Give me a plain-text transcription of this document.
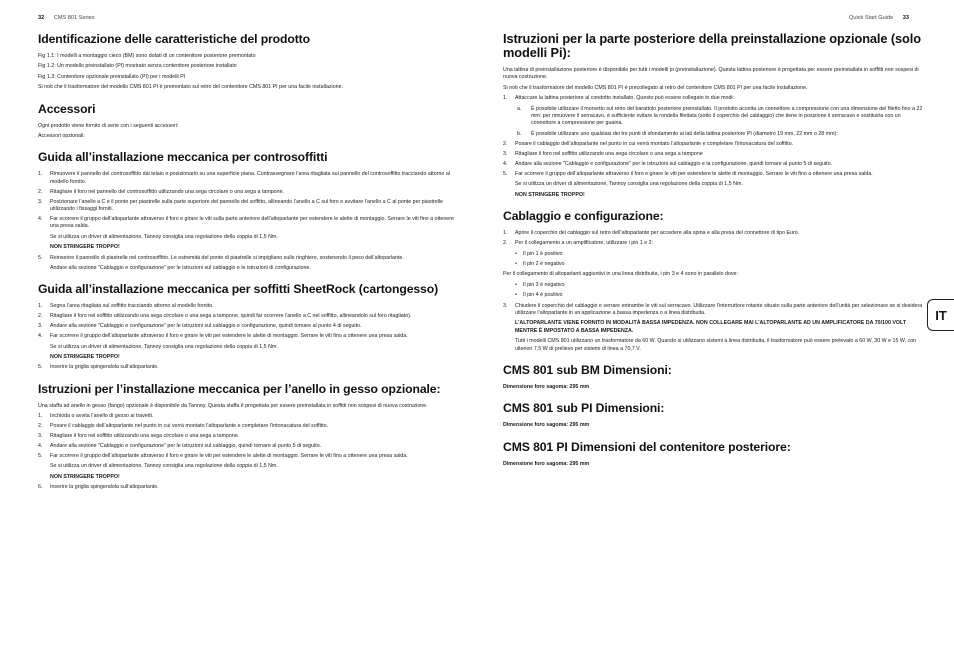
32 CMS 801 Series
Identificazione delle caratteristiche del prodotto

Fig 1.1: I modelli a montaggio cieco (BM) sono dotati di un contenitore posteriore premontato

Fig 1.2: Un modello preinstallato (PI) mostrato senza contenitore posteriore installato

Fig 1.3: Contenitore opzionale preinstallato (PI) per i modelli PI

Si noti che il trasformatore del modello CMS 801 PI è premontato sul retro del contenitore CMS 801 PI per una facile installazione.

Accessori

Ogni prodotto viene fornito di serie con i seguenti accessori:

Accessori opzionali:

Guida all’installazione meccanica per controsoffitti
1. Rimuovere il pannello del controsoffitto dal telaio e posizionarlo su una superficie piana. Contrassegnare l’area ritagliata sul pannello del controsoffitto tracciando attorno al modello fornito.
2. Ritagliare il foro nel pannello del controsoffitto utilizzando una sega circolare o una sega a tampone.
3. Posizionare l’anello a C e il ponte per piastrelle sulla parte superiore del pannello del soffitto, allineando l’anello a C sul foro e avvitare l’anello a C al ponte per piastrelle utilizzando i fissaggi forniti.
4. Far scorrere il gruppo dell’altoparlante attraverso il foro e girare le viti sulla parte anteriore dell’altoparlante per estendere le alette di montaggio. Serrare le viti fino a ottenere una presa salda.

Se si utilizza un driver di alimentazione, Tannoy consiglia una regolazione della coppia di 1,5 Nm.

NON STRINGERE TROPPO!

5. Reinserire il pannello di piastrelle nel controsoffitto. Le estremità del ponte di piastrelle si impigliano sulle ringhiere, sostenendo il peso dell’altoparlante.

Andare alla sezione "Cablaggio e configurazione" per le istruzioni sul cablaggio e le istruzioni di configurazione.

Guida all’installazione meccanica per soffitti SheetRock (cartongesso)
1. Segna l’area ritagliata sul soffitto tracciando attorno al modello fornito.
2. Ritagliare il foro nel soffitto utilizzando una sega circolare o una sega a tampone, quindi far scorrere l’anello a C nel soffitto, allineandolo sul foro ritagliato).
3. Andare alla sezione "Cablaggio e configurazione" per le istruzioni sul cablaggio e configurazione, quindi tornare al punto 4 di seguito.
4. Far scorrere il gruppo dell’altoparlante attraverso il foro e girare le viti per estendere le alette di montaggio. Serrare le viti fino a ottenere una presa salda.

Se si utilizza un driver di alimentazione, Tannoy consiglia una regolazione della coppia di 1,5 Nm.

NON STRINGERE TROPPO!

5. Inserire la griglia spingendola sull’altoparlante.
Istruzioni per l’installazione meccanica per l’anello in gesso opzionale:

Una staffa ad anello in gesso (fango) opzionale è disponibile da Tannoy. Questa staffa è progettata per essere preinstallata in soffitti non sospesi di nuova costruzione.

1. Inchioda o avvita l’anello di gesso ai travetti.
2. Posare il cablaggio dell’altoparlante nel punto in cui verrà montato l’altoparlante e completare l’intonacatura del soffitto.
3. Ritagliare il foro nel soffitto utilizzando una sega circolare o una sega a tampone.
4. Andare alla sezione "Cablaggio e configurazione" per le istruzioni sul cablaggio, quindi tornare al punto 5 di seguito.
5. Far scorrere il gruppo dell’altoparlante attraverso il foro e girare le viti per estendere le alette di montaggio. Serrare le viti fino a ottenere una presa salda.

Se si utilizza un driver di alimentazione, Tannoy consiglia una regolazione della coppia di 1,5 Nm.

NON STRINGERE TROPPO!

6. Inserire la griglia spingendola sull’altoparlante.
Quick Start Guide 33
Istruzioni per la parte posteriore della preinstallazione opzionale (solo modelli Pi):

Una lattina di preinstallazione posteriore è disponibile per tutti i modelli pi (preinstallazione). Questa lattina posteriore è progettata per essere preinstallata in soffitti non sospesi di nuova costruzione.

Si noti che il trasformatore del modello CMS 801 PI è precollegato al retro del contenitore CMS 801 PI per una facile installazione.

1. Attaccare la lattina posteriore al condotto installato. Questo può essere collegato in due modi:
a. È possibile utilizzare il morsetto sul retro del barattolo posteriore preinstallato. Il prodotto accetta un connettore a compressione con una dimensione del filetto fino a 22 mm: per rimuovere il serracavo, è sufficiente svitare la rondella filettata (sotto il coperchio del cablaggio) che tiene in posizione il serracavo e sostituirla con un connettore a compressione per guaina.
b. È possibile utilizzare uno qualsiasi dei tre punti di sfondamento ai lati della lattina posteriore PI (diametro 19 mm, 22 mm o 28 mm):
2. Posare il cablaggio dell’altoparlante nel punto in cui verrà montato l’altoparlante e completare l’intonacatura del soffitto.
3. Ritagliare il foro nel soffitto utilizzando una sega circolare o una sega a tampone
4. Andare alla sezione "Cablaggio e configurazione" per le istruzioni sul cablaggio e la configurazione, quindi tornare al punto 5 di seguito.
5. Far scorrere il gruppo dell’altoparlante attraverso il foro e girare le viti per estendere le alette di montaggio. Serrare le viti fino a ottenere una presa salda.

Se si utilizza un driver di alimentazione, Tannoy consiglia una regolazione della coppia di 1,5 Nm.

NON STRINGERE TROPPO!

Cablaggio e configurazione:
1. Aprire il coperchio del cablaggio sul retro dell’altoparlante per accedere alla spina e alla presa del connettore di tipo Euro.
2. Per il collegamento a un amplificatore, utilizzare i pin 1 e 2:
• Il pin 1 è positivo
• Il pin 2 è negativo

Per il collegamento di altoparlanti aggiuntivi in una linea distribuita, i pin 3 e 4 sono in parallelo dove:

• Il pin 3 è negativo
• Il pin 4 è positivo
3. Chiudere il coperchio del cablaggio e serrare entrambe le viti sul serracavo. Utilizzare l’interruttore rotante situato sulla parte anteriore dell’unità per selezionare se si desidera utilizzare l’altoparlante in un’applicazione a bassa impedenza o a linea distribuita.

L’ALTOPARLANTE VIENE FORNITO IN MODALITÀ BASSA IMPEDENZA. NON COLLEGARE MAI L’ALTOPARLANTE AD UN AMPLIFICATORE DA 70/100 VOLT MENTRE È IMPOSTATO A BASSA IMPEDENZA.

Tutti i modelli CMS 801 utilizzano un trasformatore da 60 W. Quando si utilizzano sistemi a linea distribuita, il trasformatore può essere prelevato a 60 W, 30 W e 15 W, con ulteriori 7,5 W di prelievo per sistemi di linea a 70,7 V.

CMS 801 sub BM Dimensioni:

Dimensione foro sagoma: 295 mm

CMS 801 sub PI Dimensioni:

Dimensione foro sagoma: 295 mm

CMS 801 PI Dimensioni del contenitore posteriore:

Dimensione foro sagoma: 295 mm

IT
